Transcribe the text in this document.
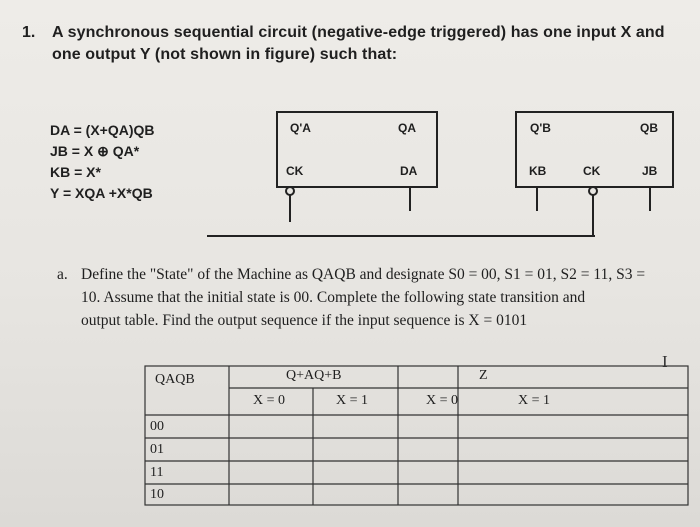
1. A synchronous sequential circuit (negative-edge triggered) has one input X and
one output Y (not shown in figure) such that:
DA = (X+QA)QB
JB = X ⊕ QA*
KB = X*
Y = XQA +X*QB
Q'A	QA
CK	DA
Q'B	QB
KB	CK	JB
a. Define the "State" of the Machine as QAQB and designate S0 = 00, S1 = 01, S2 = 11, S3 =
10. Assume that the initial state is 00. Complete the following state transition and
output table. Find the output sequence if the input sequence is X = 0101
I
QAQB	Q+AQ+B	Z
X = 0	X = 1	X = 0	X = 1
00
01
11
10
